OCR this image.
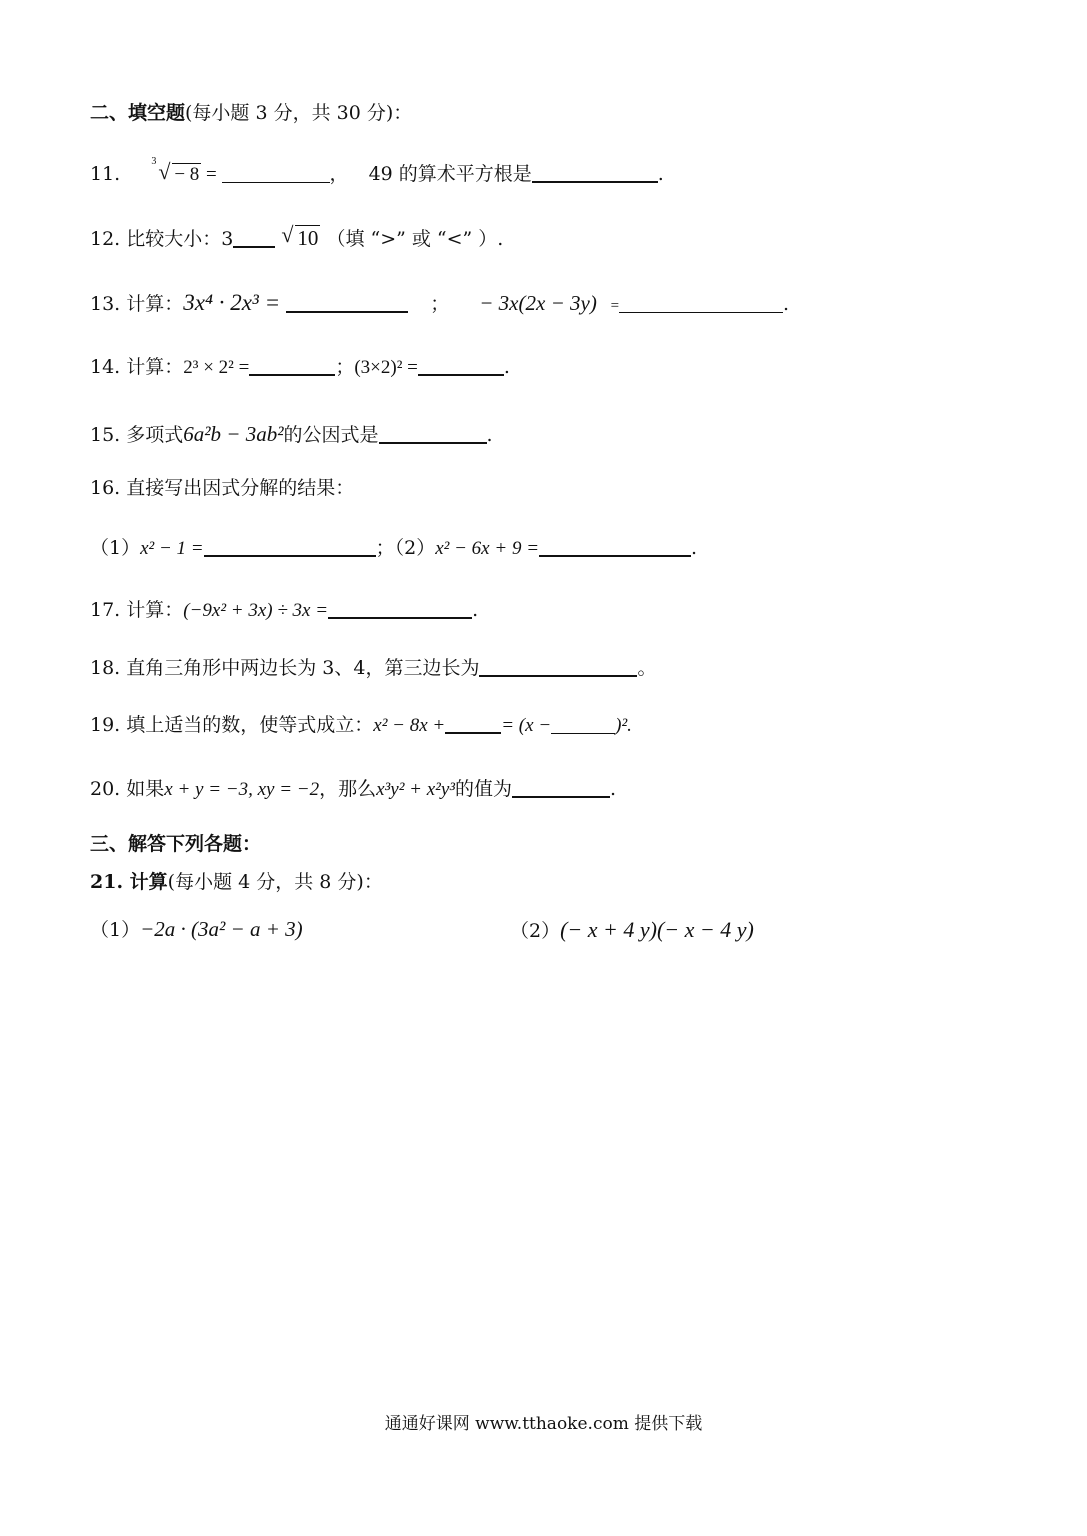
二、填空题(每小题 3 分，共 30 分)：
11.
3 √ − 8 =	， 49 的算术平方根是	.
12. 比较大小：3 √ 10 （填 “>” 或 “<” ）.
13. 计算：3x⁴ · 2x³ =	； − 3x(2x − 3y) =	.
14. 计算：2³ × 2² =	；(3×2)² =	.
15. 多项式6a²b − 3ab²的公因式是	.
16. 直接写出因式分解的结果：
（1）x² − 1 =	；（2）x² − 6x + 9 =	.
17. 计算：(−9x² + 3x) ÷ 3x =	.
18. 直角三角形中两边长为 3、4，第三边长为	。
19. 填上适当的数，使等式成立：x² − 8x +	= (x −	)².
20. 如果x + y = −3, xy = −2，那么x³y² + x²y³的值为	.
三、解答下列各题：
21. 计算(每小题 4 分，共 8 分)：
（1）−2a · (3a² − a + 3)	（2）(− x + 4 y)(− x − 4 y)
通通好课网 www.tthaoke.com 提供下载
